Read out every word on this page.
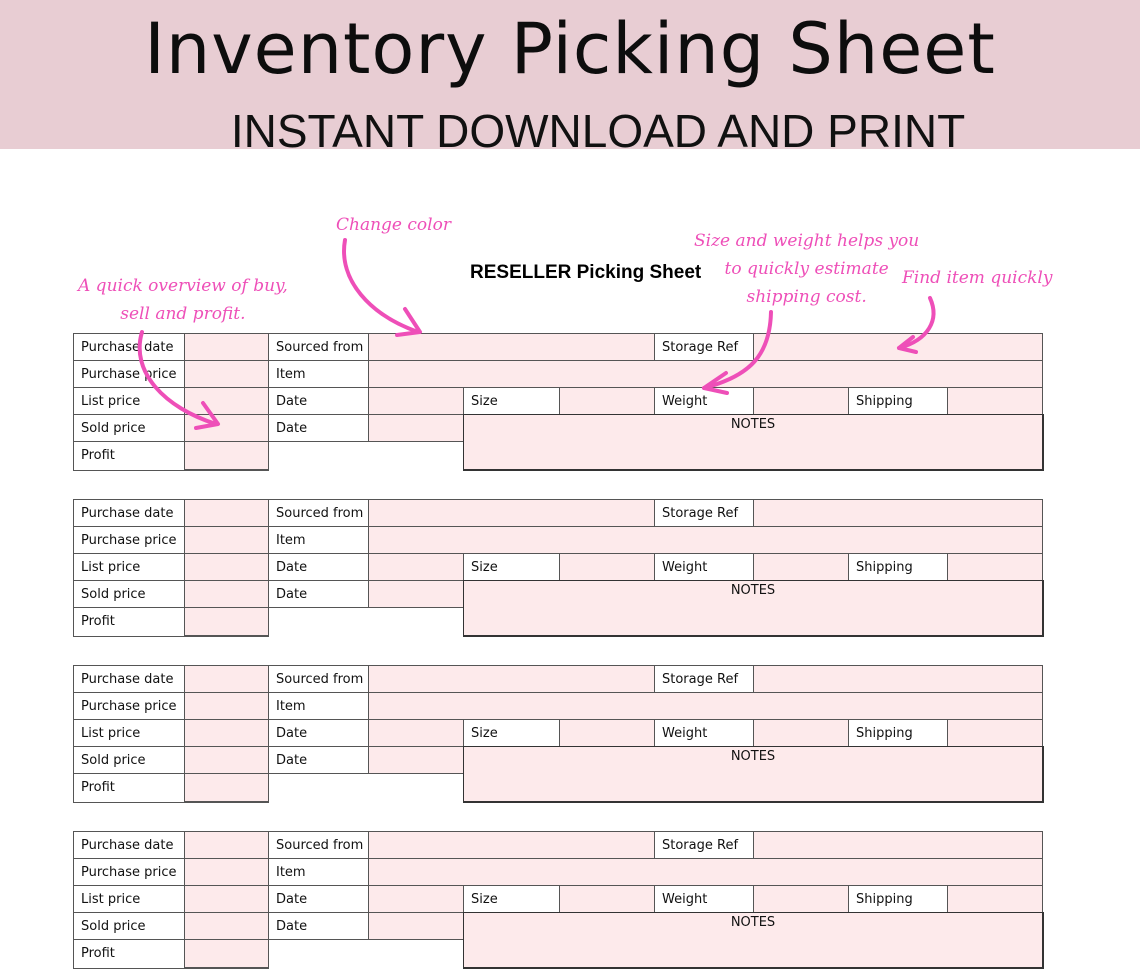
Inventory Picking Sheet
INSTANT DOWNLOAD AND PRINT
RESELLER Picking Sheet
A quick overview of buy,
sell and profit.
Change color
Size and weight helps you
to quickly estimate
shipping cost.
Find item quickly
Purchase date	Sourced from	Storage Ref
Purchase price	Item
List price	Date	Size	Weight	Shipping
Sold price	Date	NOTES
Profit
Purchase date	Sourced from	Storage Ref
Purchase price	Item
List price	Date	Size	Weight	Shipping
Sold price	Date	NOTES
Profit
Purchase date	Sourced from	Storage Ref
Purchase price	Item
List price	Date	Size	Weight	Shipping
Sold price	Date	NOTES
Profit
Purchase date	Sourced from	Storage Ref
Purchase price	Item
List price	Date	Size	Weight	Shipping
Sold price	Date	NOTES
Profit
